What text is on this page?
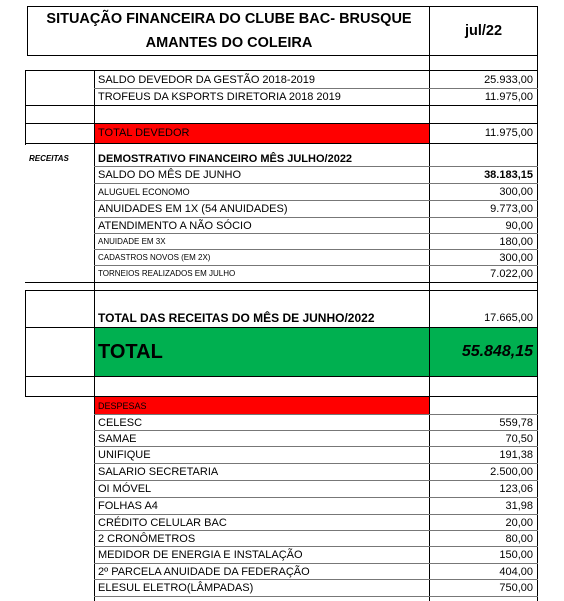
SITUAÇÃO FINANCEIRA DO CLUBE BAC- BRUSQUE
AMANTES DO COLEIRA
jul/22
SALDO DEVEDOR DA GESTÃO 2018-2019	25.933,00
TROFEUS DA KSPORTS DIRETORIA 2018 2019	11.975,00
TOTAL DEVEDOR	11.975,00
RECEITAS	DEMOSTRATIVO FINANCEIRO MÊS JULHO/2022
SALDO DO MÊS DE JUNHO	38.183,15
ALUGUEL ECONOMO	300,00
ANUIDADES EM 1X (54 ANUIDADES)	9.773,00
ATENDIMENTO A NÃO SÓCIO	90,00
ANUIDADE EM 3X	180,00
CADASTROS NOVOS (EM 2X)	300,00
TORNEIOS REALIZADOS EM JULHO	7.022,00
TOTAL DAS RECEITAS DO MÊS DE JUNHO/2022	17.665,00
TOTAL	55.848,15
DESPESAS
CELESC	559,78
SAMAE	70,50
UNIFIQUE	191,38
SALARIO SECRETARIA	2.500,00
OI MÓVEL	123,06
FOLHAS A4	31,98
CRÉDITO CELULAR BAC	20,00
2 CRONÔMETROS	80,00
MEDIDOR DE ENERGIA E INSTALAÇÃO	150,00
2º PARCELA ANUIDADE DA FEDERAÇÃO	404,00
ELESUL ELETRO(LÂMPADAS)	750,00
